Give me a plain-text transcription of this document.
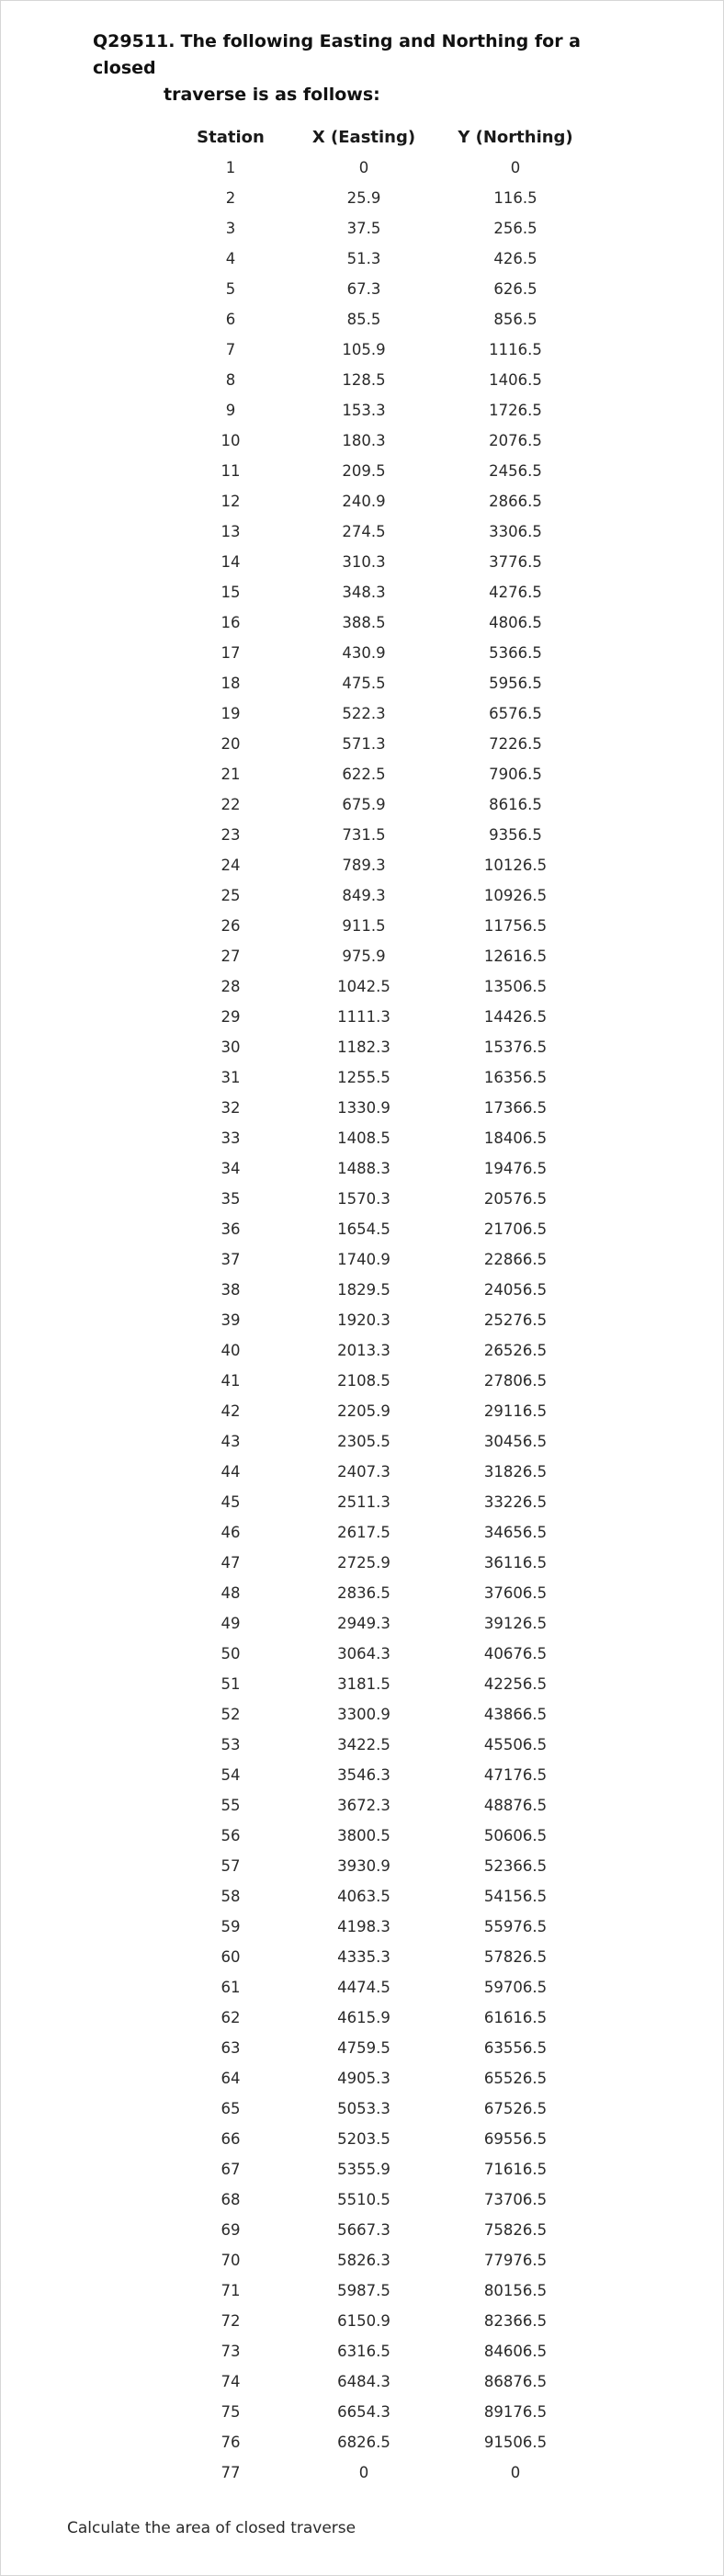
Q29511. The following Easting and Northing for a closed
traverse is as follows:
Station	X (Easting)	Y (Northing)
1	0	0
2	25.9	116.5
3	37.5	256.5
4	51.3	426.5
5	67.3	626.5
6	85.5	856.5
7	105.9	1116.5
8	128.5	1406.5
9	153.3	1726.5
10	180.3	2076.5
11	209.5	2456.5
12	240.9	2866.5
13	274.5	3306.5
14	310.3	3776.5
15	348.3	4276.5
16	388.5	4806.5
17	430.9	5366.5
18	475.5	5956.5
19	522.3	6576.5
20	571.3	7226.5
21	622.5	7906.5
22	675.9	8616.5
23	731.5	9356.5
24	789.3	10126.5
25	849.3	10926.5
26	911.5	11756.5
27	975.9	12616.5
28	1042.5	13506.5
29	1111.3	14426.5
30	1182.3	15376.5
31	1255.5	16356.5
32	1330.9	17366.5
33	1408.5	18406.5
34	1488.3	19476.5
35	1570.3	20576.5
36	1654.5	21706.5
37	1740.9	22866.5
38	1829.5	24056.5
39	1920.3	25276.5
40	2013.3	26526.5
41	2108.5	27806.5
42	2205.9	29116.5
43	2305.5	30456.5
44	2407.3	31826.5
45	2511.3	33226.5
46	2617.5	34656.5
47	2725.9	36116.5
48	2836.5	37606.5
49	2949.3	39126.5
50	3064.3	40676.5
51	3181.5	42256.5
52	3300.9	43866.5
53	3422.5	45506.5
54	3546.3	47176.5
55	3672.3	48876.5
56	3800.5	50606.5
57	3930.9	52366.5
58	4063.5	54156.5
59	4198.3	55976.5
60	4335.3	57826.5
61	4474.5	59706.5
62	4615.9	61616.5
63	4759.5	63556.5
64	4905.3	65526.5
65	5053.3	67526.5
66	5203.5	69556.5
67	5355.9	71616.5
68	5510.5	73706.5
69	5667.3	75826.5
70	5826.3	77976.5
71	5987.5	80156.5
72	6150.9	82366.5
73	6316.5	84606.5
74	6484.3	86876.5
75	6654.3	89176.5
76	6826.5	91506.5
77	0	0
Calculate the area of closed traverse
